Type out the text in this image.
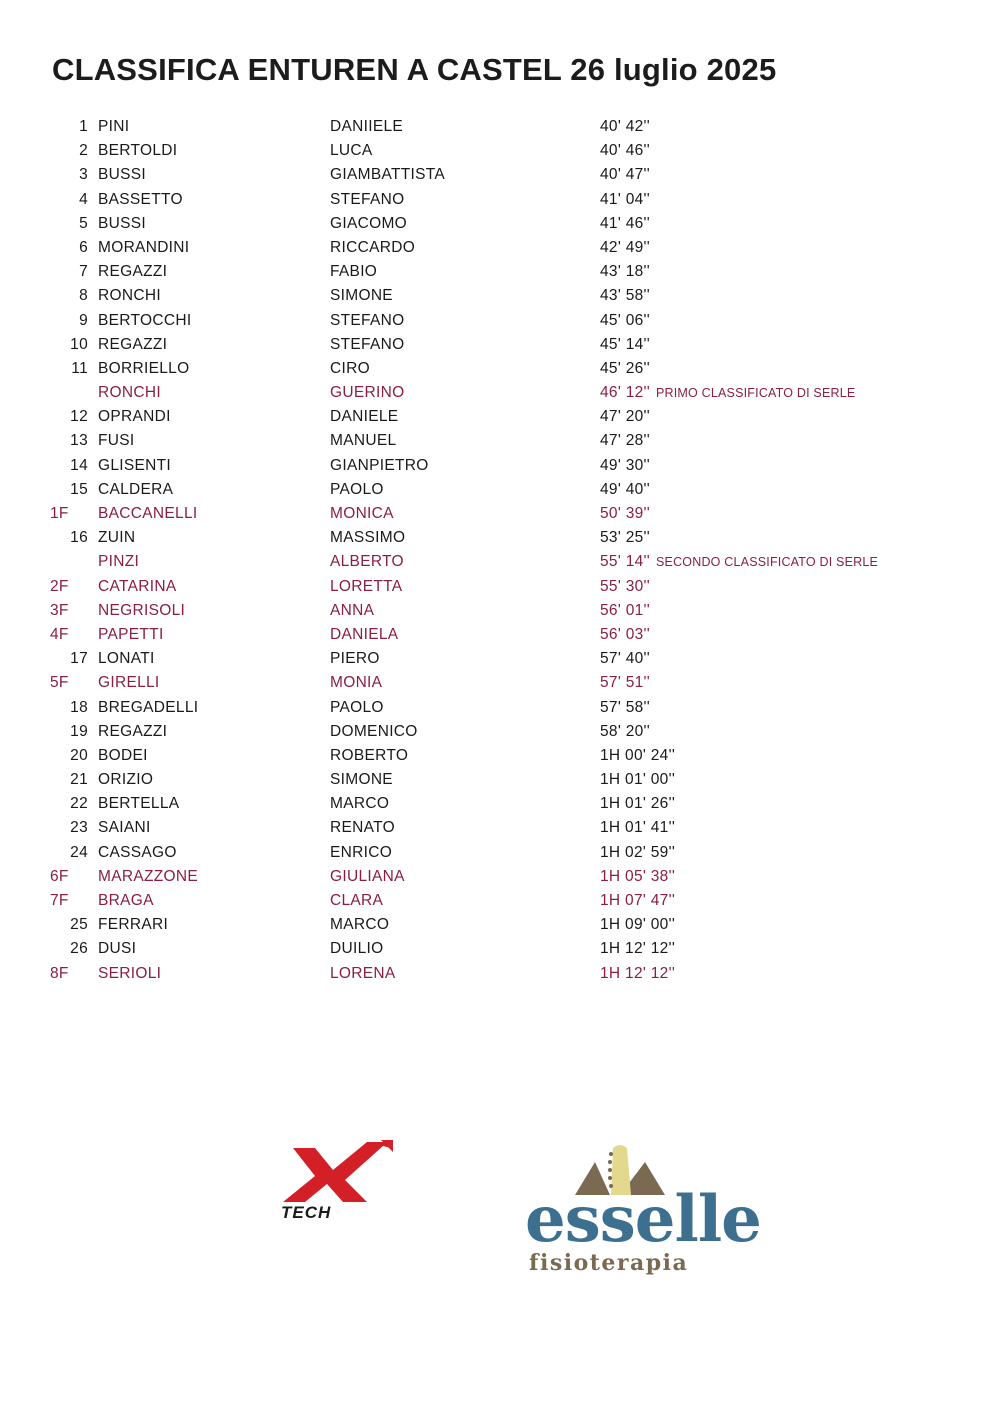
CLASSIFICA ENTUREN A CASTEL 26 luglio 2025
1 PINI	DANIIELE	40' 42''
2 BERTOLDI	LUCA	40' 46''
3 BUSSI	GIAMBATTISTA	40' 47''
4 BASSETTO	STEFANO	41' 04''
5 BUSSI	GIACOMO	41' 46''
6 MORANDINI	RICCARDO	42' 49''
7 REGAZZI	FABIO	43' 18''
8 RONCHI	SIMONE	43' 58''
9 BERTOCCHI	STEFANO	45' 06''
10 REGAZZI	STEFANO	45' 14''
11 BORRIELLO	CIRO	45' 26''
RONCHI	GUERINO	46' 12'' PRIMO CLASSIFICATO DI SERLE
12 OPRANDI	DANIELE	47' 20''
13 FUSI	MANUEL	47' 28''
14 GLISENTI	GIANPIETRO	49' 30''
15 CALDERA	PAOLO	49' 40''
1F BACCANELLI	MONICA	50' 39''
16 ZUIN	MASSIMO	53' 25''
PINZI	ALBERTO	55' 14'' SECONDO CLASSIFICATO DI SERLE
2F CATARINA	LORETTA	55' 30''
3F NEGRISOLI	ANNA	56' 01''
4F PAPETTI	DANIELA	56' 03''
17 LONATI	PIERO	57' 40''
5F GIRELLI	MONIA	57' 51''
18 BREGADELLI	PAOLO	57' 58''
19 REGAZZI	DOMENICO	58' 20''
20 BODEI	ROBERTO	1H 00' 24''
21 ORIZIO	SIMONE	1H 01' 00''
22 BERTELLA	MARCO	1H 01' 26''
23 SAIANI	RENATO	1H 01' 41''
24 CASSAGO	ENRICO	1H 02' 59''
6F MARAZZONE	GIULIANA	1H 05' 38''
7F BRAGA	CLARA	1H 07' 47''
25 FERRARI	MARCO	1H 09' 00''
26 DUSI	DUILIO	1H 12' 12''
8F SERIOLI	LORENA	1H 12' 12''
TECH	esselle
fisioterapia
